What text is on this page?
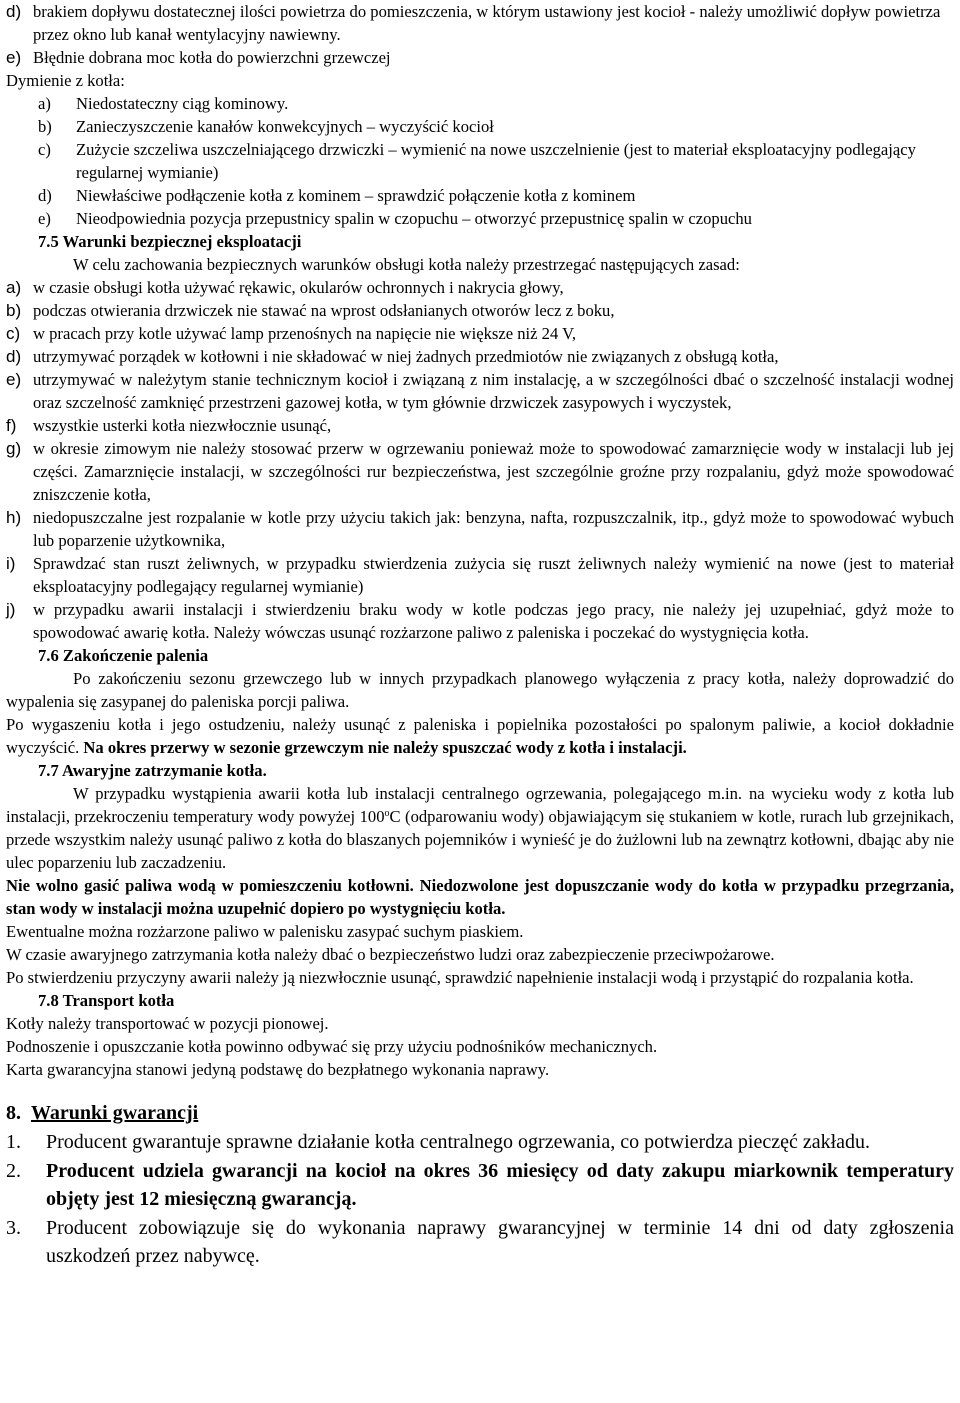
d) brakiem dopływu dostatecznej ilości powietrza do pomieszczenia, w którym ustawiony jest kocioł - należy umożliwić dopływ powietrza przez okno lub kanał wentylacyjny nawiewny.
e) Błędnie dobrana moc kotła do powierzchni grzewczej
Dymienie z kotła:
a)	Niedostateczny ciąg kominowy.
b)	Zanieczyszczenie kanałów konwekcyjnych – wyczyścić kocioł
c)	Zużycie szczeliwa uszczelniającego drzwiczki – wymienić na nowe uszczelnienie (jest to materiał eksploatacyjny podlegający regularnej wymianie)
d)	Niewłaściwe podłączenie kotła z kominem – sprawdzić połączenie kotła z kominem
e)	Nieodpowiednia pozycja przepustnicy spalin w czopuchu – otworzyć przepustnicę spalin w czopuchu
7.5 Warunki bezpiecznej eksploatacji
W celu zachowania bezpiecznych warunków obsługi kotła należy przestrzegać następujących zasad:
a) w czasie obsługi kotła używać rękawic, okularów ochronnych i nakrycia głowy,
b) podczas otwierania drzwiczek nie stawać na wprost odsłanianych otworów lecz z boku,
c) w pracach przy kotle używać lamp przenośnych na napięcie nie większe niż 24 V,
d) utrzymywać porządek w kotłowni i nie składować w niej żadnych przedmiotów nie związanych z obsługą kotła,
e) utrzymywać w należytym stanie technicznym kocioł i związaną z nim instalację, a w szczególności dbać o szczelność instalacji wodnej oraz szczelność zamknięć przestrzeni gazowej kotła, w tym głównie drzwiczek zasypowych i wyczystek,
f)	wszystkie usterki kotła niezwłocznie usunąć,
g) w okresie zimowym nie należy stosować przerw w ogrzewaniu ponieważ może to spowodować zamarznięcie wody w instalacji lub jej części. Zamarznięcie instalacji, w szczególności rur bezpieczeństwa, jest szczególnie groźne przy rozpalaniu, gdyż może spowodować zniszczenie kotła,
h) niedopuszczalne jest rozpalanie w kotle przy użyciu takich jak: benzyna, nafta, rozpuszczalnik, itp., gdyż może to spowodować wybuch lub poparzenie użytkownika,
i)	Sprawdzać stan ruszt żeliwnych, w przypadku stwierdzenia zużycia się ruszt żeliwnych należy wymienić na nowe (jest to materiał eksploatacyjny podlegający regularnej wymianie)
j)	w przypadku awarii instalacji i stwierdzeniu braku wody w kotle podczas jego pracy, nie należy jej uzupełniać, gdyż może to spowodować awarię kotła. Należy wówczas usunąć rozżarzone paliwo z paleniska i poczekać do wystygnięcia kotła.
7.6 Zakończenie palenia
Po zakończeniu sezonu grzewczego lub w innych przypadkach planowego wyłączenia z pracy kotła, należy doprowadzić do wypalenia się zasypanej do paleniska porcji paliwa.
Po wygaszeniu kotła i jego ostudzeniu, należy usunąć z paleniska i popielnika pozostałości po spalonym paliwie, a kocioł dokładnie wyczyścić. Na okres przerwy w sezonie grzewczym nie należy spuszczać wody z kotła i instalacji.
7.7 Awaryjne zatrzymanie kotła.
W przypadku wystąpienia awarii kotła lub instalacji centralnego ogrzewania, polegającego m.in. na wycieku wody z kotła lub instalacji, przekroczeniu temperatury wody powyżej 100$^o$C (odparowaniu wody) objawiającym się stukaniem w kotle, rurach lub grzejnikach, przede wszystkim należy usunąć paliwo z kotła do blaszanych pojemników i wynieść je do żużlowni lub na zewnątrz kotłowni, dbając aby nie ulec poparzeniu lub zaczadzeniu.
Nie wolno gasić paliwa wodą w pomieszczeniu kotłowni. Niedozwolone jest dopuszczanie wody do kotła w przypadku przegrzania, stan wody w instalacji można uzupełnić dopiero po wystygnięciu kotła.
Ewentualne można rozżarzone paliwo w palenisku zasypać suchym piaskiem.
W czasie awaryjnego zatrzymania kotła należy dbać o bezpieczeństwo ludzi oraz zabezpieczenie przeciwpożarowe.
Po stwierdzeniu przyczyny awarii należy ją niezwłocznie usunąć, sprawdzić napełnienie instalacji wodą i przystąpić do rozpalania kotła.
7.8 Transport kotła
Kotły należy transportować w pozycji pionowej.
Podnoszenie i opuszczanie kotła powinno odbywać się przy użyciu podnośników mechanicznych.
Karta gwarancyjna stanowi jedyną podstawę do bezpłatnego wykonania naprawy.
8. Warunki gwarancji
1.	Producent gwarantuje sprawne działanie kotła centralnego ogrzewania, co potwierdza pieczęć zakładu.
2.	Producent udziela gwarancji na kocioł na okres 36 miesięcy od daty zakupu miarkownik temperatury objęty jest 12 miesięczną gwarancją.
3.	Producent zobowiązuje się do wykonania naprawy gwarancyjnej w terminie 14 dni od daty zgłoszenia uszkodzeń przez nabywcę.
